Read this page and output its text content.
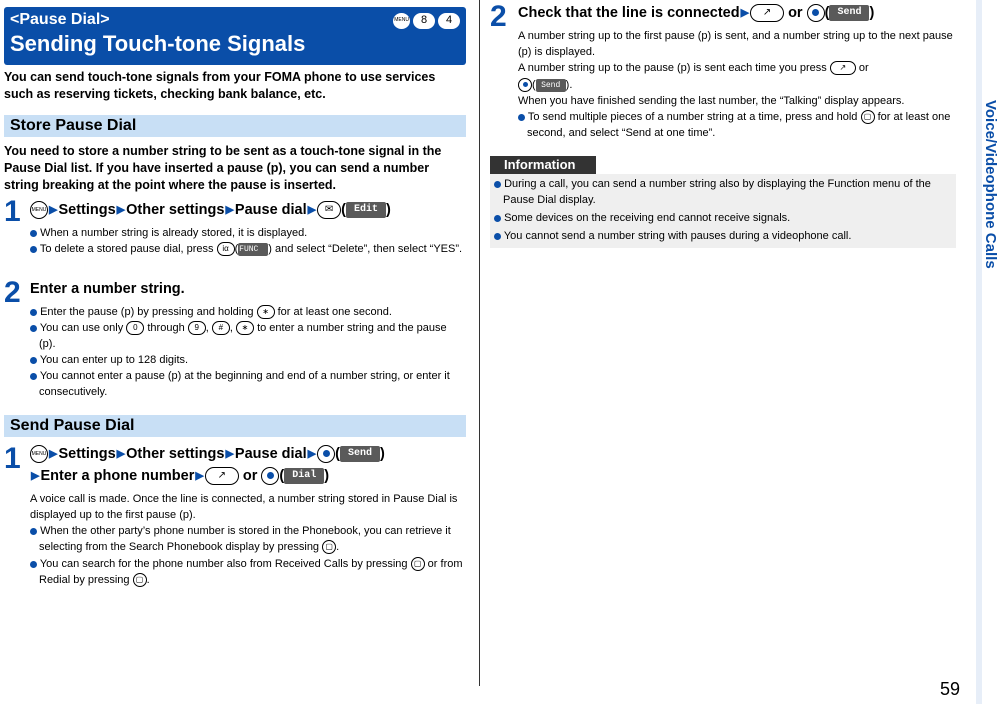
<Pause Dial>
Sending Touch-tone Signals
MENU	8	4
You can send touch-tone signals from your FOMA phone to use services such as reserving tickets, checking bank balance, etc.
Store Pause Dial
You need to store a number string to be sent as a touch-tone signal in the Pause Dial list. If you have inserted a pause (p), you can send a number string breaking at the point where the pause is inserted.
1	MENU ▶ Settings ▶ Other settings ▶ Pause dial ▶ ✉ ( Edit )
When a number string is already stored, it is displayed.
To delete a stored pause dial, press iα (FUNC ) and select “Delete”, then select “YES”.
2 Enter a number string.
Enter the pause (p) by pressing and holding ∗ for at least one second.
You can use only 0 through 9 , # , ∗ to enter a number string and the pause (p).
You can enter up to 128 digits.
You cannot enter a pause (p) at the beginning and end of a number string, or enter it consecutively.
Send Pause Dial
1	MENU ▶ Settings ▶ Other settings ▶ Pause dial ▶ ( Send )
▶ Enter a phone number ▶	↗
	or
( Dial )
A voice call is made. Once the line is connected, a number string stored in Pause Dial is displayed up to the first pause (p).
When the other party’s phone number is stored in the Phonebook, you can retrieve it selecting from the Search Phonebook display by pressing ▢ .
You can search for the phone number also from Received Calls by pressing ▢ or from Redial by pressing ▢ .
2 Check that the line is connected ▶	↗
	or
( Send )
A number string up to the first pause (p) is sent, and a number string up to the next pause (p) is displayed.
A number string up to the pause (p) is sent each time you press ↗ or
( Send ).
When you have finished sending the last number, the “Talking” display appears.
To send multiple pieces of a number string at a time, press and hold ▢ for at least one second, and select “Send at one time”.
Information
During a call, you can send a number string also by displaying the Function menu of the Pause Dial display.
Some devices on the receiving end cannot receive signals.
You cannot send a number string with pauses during a videophone call.	Voice/Videophone Calls
59
